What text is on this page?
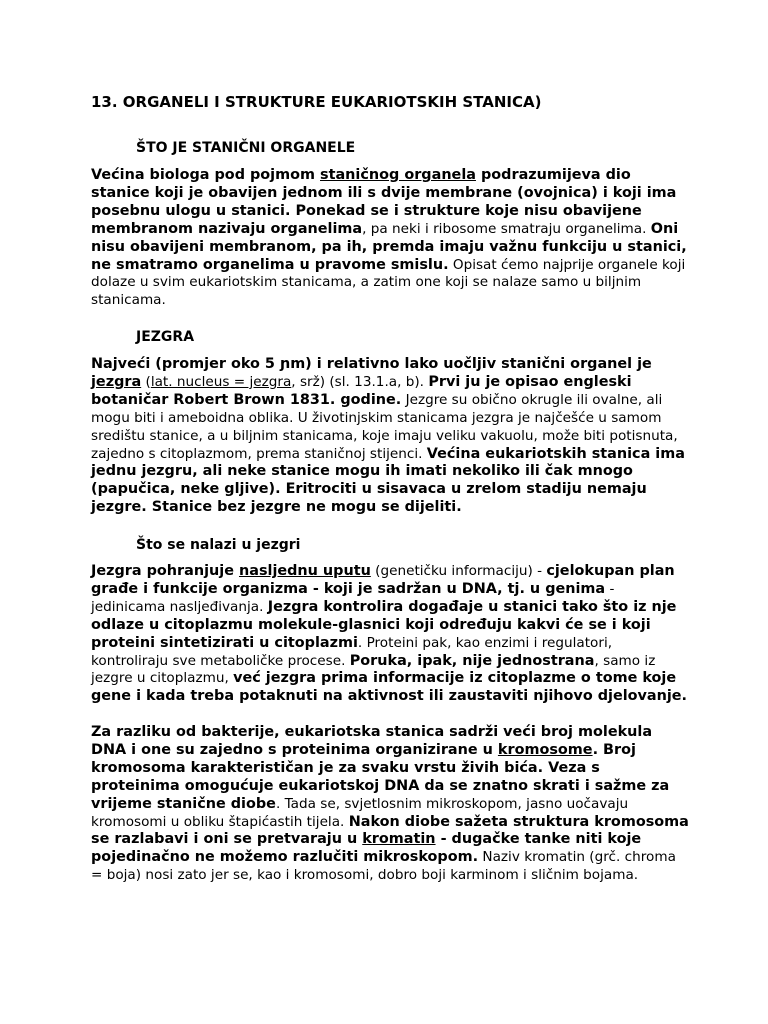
13. ORGANELI I STRUKTURE EUKARIOTSKIH STANICA)
ŠTO JE STANIČNI ORGANELE

Većina biologa pod pojmom staničnog organela podrazumijeva dio stanice koji je obavijen jednom ili s dvije membrane (ovojnica) i koji ima posebnu ulogu u stanici. Ponekad se i strukture koje nisu obavijene membranom nazivaju organelima, pa neki i ribosome smatraju organelima. Oni nisu obavijeni membranom, pa ih, premda imaju važnu funkciju u stanici, ne smatramo organelima u pravome smislu. Opisat ćemo najprije organele koji dolaze u svim eukariotskim stanicama, a zatim one koji se nalaze samo u biljnim stanicama.

JEZGRA

Najveći (promjer oko 5 ɲm) i relativno lako uočljiv stanični organel je jezgra (lat. nucleus = jezgra, srž) (sl. 13.1.a, b). Prvi ju je opisao engleski botaničar Robert Brown 1831. godine. Jezgre su obično okrugle ili ovalne, ali mogu biti i ameboidna oblika. U životinjskim stanicama jezgra je najčešće u samom središtu stanice, a u biljnim stanicama, koje imaju veliku vakuolu, može biti potisnuta, zajedno s citoplazmom, prema staničnoj stijenci. Većina eukariotskih stanica ima jednu jezgru, ali neke stanice mogu ih imati nekoliko ili čak mnogo (papučica, neke gljive). Eritrociti u sisavaca u zrelom stadiju nemaju jezgre. Stanice bez jezgre ne mogu se dijeliti.

Što se nalazi u jezgri

Jezgra pohranjuje nasljednu uputu (genetičku informaciju) - cjelokupan plan građe i funkcije organizma - koji je sadržan u DNA, tj. u genima - jedinicama nasljeđivanja. Jezgra kontrolira događaje u stanici tako što iz nje odlaze u citoplazmu molekule-glasnici koji određuju kakvi će se i koji proteini sintetizirati u citoplazmi. Proteini pak, kao enzimi i regulatori, kontroliraju sve metaboličke procese. Poruka, ipak, nije jednostrana, samo iz jezgre u citoplazmu, već jezgra prima informacije iz citoplazme o tome koje gene i kada treba potaknuti na aktivnost ili zaustaviti njihovo djelovanje.

Za razliku od bakterije, eukariotska stanica sadrži veći broj molekula DNA i one su zajedno s proteinima organizirane u kromosome. Broj kromosoma karakterističan je za svaku vrstu živih bića. Veza s proteinima omogućuje eukariotskoj DNA da se znatno skrati i sažme za vrijeme stanične diobe. Tada se, svjetlosnim mikroskopom, jasno uočavaju kromosomi u obliku štapićastih tijela. Nakon diobe sažeta struktura kromosoma se razlabavi i oni se pretvaraju u kromatin - dugačke tanke niti koje pojedinačno ne možemo razlučiti mikroskopom. Naziv kromatin (grč. chroma = boja) nosi zato jer se, kao i kromosomi, dobro boji karminom i sličnim bojama.
